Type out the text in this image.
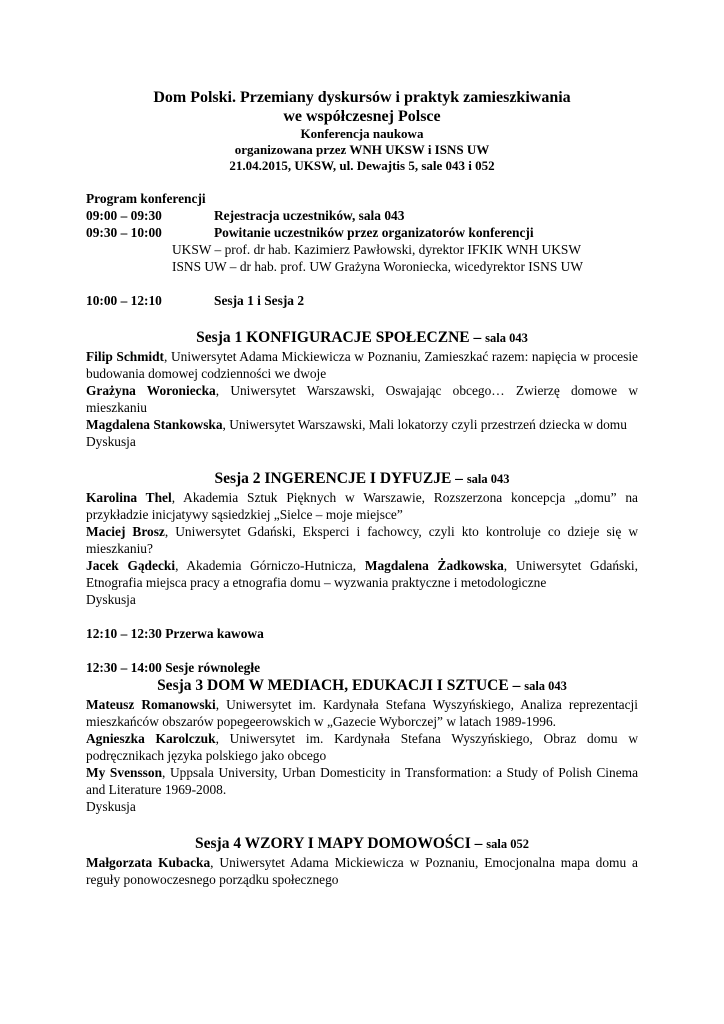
Dom Polski. Przemiany dyskursów i praktyk zamieszkiwania
we współczesnej Polsce
Konferencja naukowa
organizowana przez WNH UKSW i ISNS UW
21.04.2015, UKSW, ul. Dewajtis 5, sale 043 i 052
Program konferencji
09:00 – 09:30	Rejestracja uczestników, sala 043
09:30 – 10:00	Powitanie uczestników przez organizatorów konferencji
UKSW – prof. dr hab. Kazimierz Pawłowski, dyrektor IFKIK WNH UKSW
ISNS UW – dr hab. prof. UW Grażyna Woroniecka, wicedyrektor ISNS UW
10:00 – 12:10	Sesja 1 i Sesja 2
Sesja 1 KONFIGURACJE SPOŁECZNE – sala 043
Filip Schmidt, Uniwersytet Adama Mickiewicza w Poznaniu, Zamieszkać razem: napięcia w procesie budowania domowej codzienności we dwoje
Grażyna Woroniecka, Uniwersytet Warszawski, Oswajając obcego… Zwierzę domowe w mieszkaniu
Magdalena Stankowska, Uniwersytet Warszawski, Mali lokatorzy czyli przestrzeń dziecka w domu
Dyskusja
Sesja 2 INGERENCJE I DYFUZJE – sala 043
Karolina Thel, Akademia Sztuk Pięknych w Warszawie, Rozszerzona koncepcja „domu” na przykładzie inicjatywy sąsiedzkiej „Sielce – moje miejsce”
Maciej Brosz, Uniwersytet Gdański, Eksperci i fachowcy, czyli kto kontroluje co dzieje się w mieszkaniu?
Jacek Gądecki, Akademia Górniczo-Hutnicza, Magdalena Żadkowska, Uniwersytet Gdański, Etnografia miejsca pracy a etnografia domu – wyzwania praktyczne i metodologiczne
Dyskusja
12:10 – 12:30 Przerwa kawowa
12:30 – 14:00 Sesje równoległe
Sesja 3 DOM W MEDIACH, EDUKACJI I SZTUCE – sala 043
Mateusz Romanowski, Uniwersytet im. Kardynała Stefana Wyszyńskiego, Analiza reprezentacji mieszkańców obszarów popegeerowskich w „Gazecie Wyborczej” w latach 1989-1996.
Agnieszka Karolczuk, Uniwersytet im. Kardynała Stefana Wyszyńskiego, Obraz domu w podręcznikach języka polskiego jako obcego
My Svensson, Uppsala University, Urban Domesticity in Transformation: a Study of Polish Cinema and Literature 1969-2008.
Dyskusja
Sesja 4 WZORY I MAPY DOMOWOŚCI – sala 052
Małgorzata Kubacka, Uniwersytet Adama Mickiewicza w Poznaniu, Emocjonalna mapa domu a reguły ponowoczesnego porządku społecznego
